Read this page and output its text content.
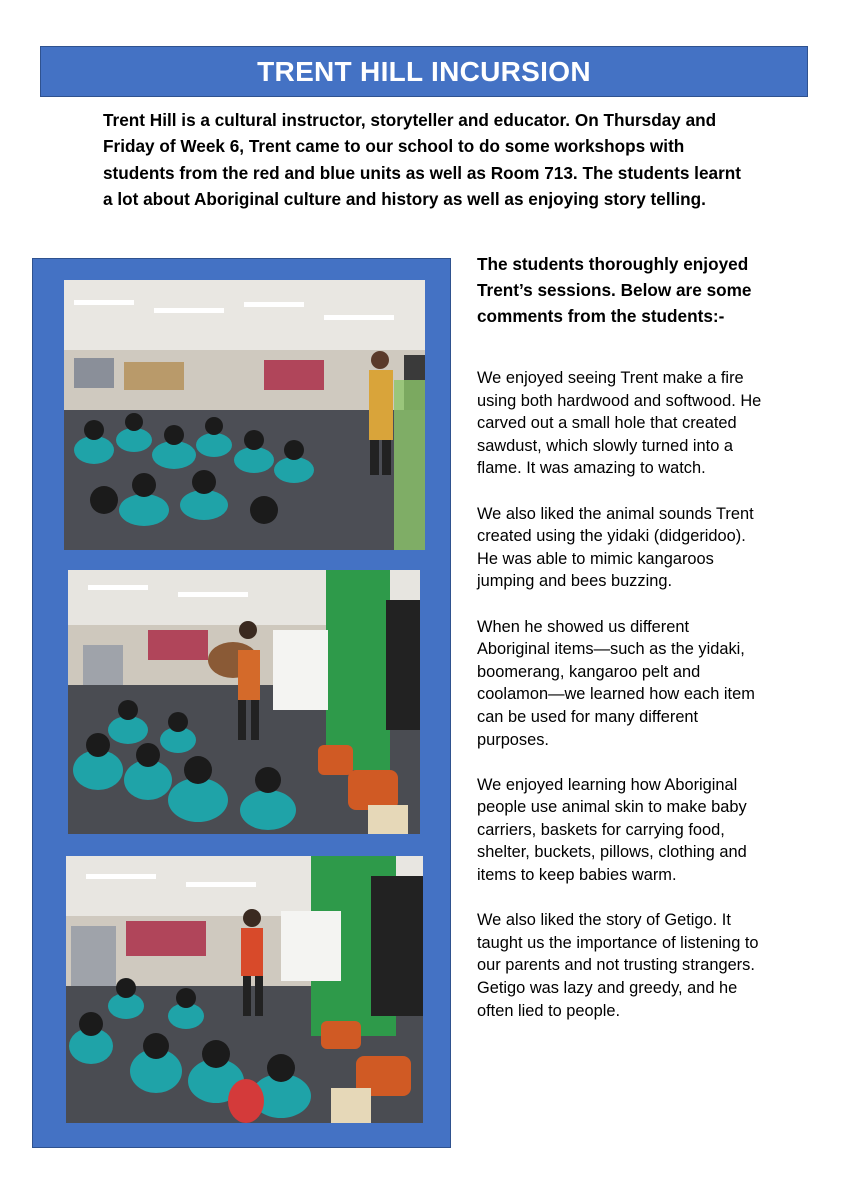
TRENT HILL INCURSION

Trent Hill is a cultural instructor, storyteller and educator. On Thursday and Friday of Week 6, Trent came to our school to do some workshops with students from the red and blue units as well as Room 713. The students learnt a lot about Aboriginal culture and history as well as enjoying story telling.

The students thoroughly enjoyed Trent’s sessions. Below are some comments from the students:-

We enjoyed seeing Trent make a fire using both hardwood and softwood. He carved out a small hole that created sawdust, which slowly turned into a flame. It was amazing to watch.

We also liked the animal sounds Trent created using the yidaki (didgeridoo). He was able to mimic kangaroos jumping and bees buzzing.

When he showed us different Aboriginal items—such as the yidaki, boomerang, kangaroo pelt and coolamon—we learned how each item can be used for many different purposes.

We enjoyed learning how Aboriginal people use animal skin to make baby carriers, baskets for carrying food, shelter, buckets, pillows, clothing and items to keep babies warm.

We also liked the story of Getigo. It taught us the importance of listening to our parents and not trusting strangers. Getigo was lazy and greedy, and he often lied to people.
